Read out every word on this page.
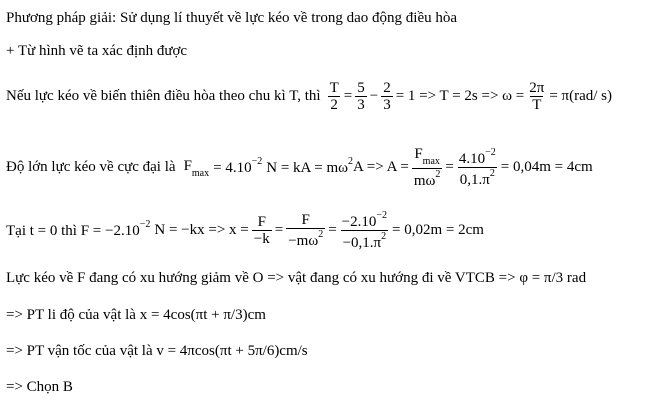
Phương pháp giải: Sử dụng lí thuyết về lực kéo về trong dao động điều hòa
+ Từ hình vẽ ta xác định được
Nếu lực kéo về biến thiên điều hòa theo chu kì T, thì $\frac{T}{2} = \frac{5}{3} - \frac{2}{3} = 1 => T = 2s => \omega = \frac{2\pi}{T} = \pi(rad/$ s)
Độ lớn lực kéo về cực đại là $F_{max} = 4.10^{-2}$ N = kA = $m\omega^2$ $A => A = \frac{F_{max}}{m\omega^2} = \frac{4.10^{-2}}{0,1.\pi^2} = 0,04m = 4cm$
Tại t = 0 thì $F = -2.10^{-2}$ $N = -kx => x = \frac{F}{-k} = \frac{F}{-m\omega^2} = \frac{-2.10^{-2}}{-0,1.\pi^2} = 0,02m = 2cm$
Lực kéo về F đang có xu hướng giảm về O => vật đang có xu hướng đi về VTCB => φ = π/3 rad
=> PT li độ của vật là x = 4cos(πt + π/3)cm
=> PT vận tốc của vật là v = 4πcos(πt + 5π/6)cm/s
=> Chọn B
